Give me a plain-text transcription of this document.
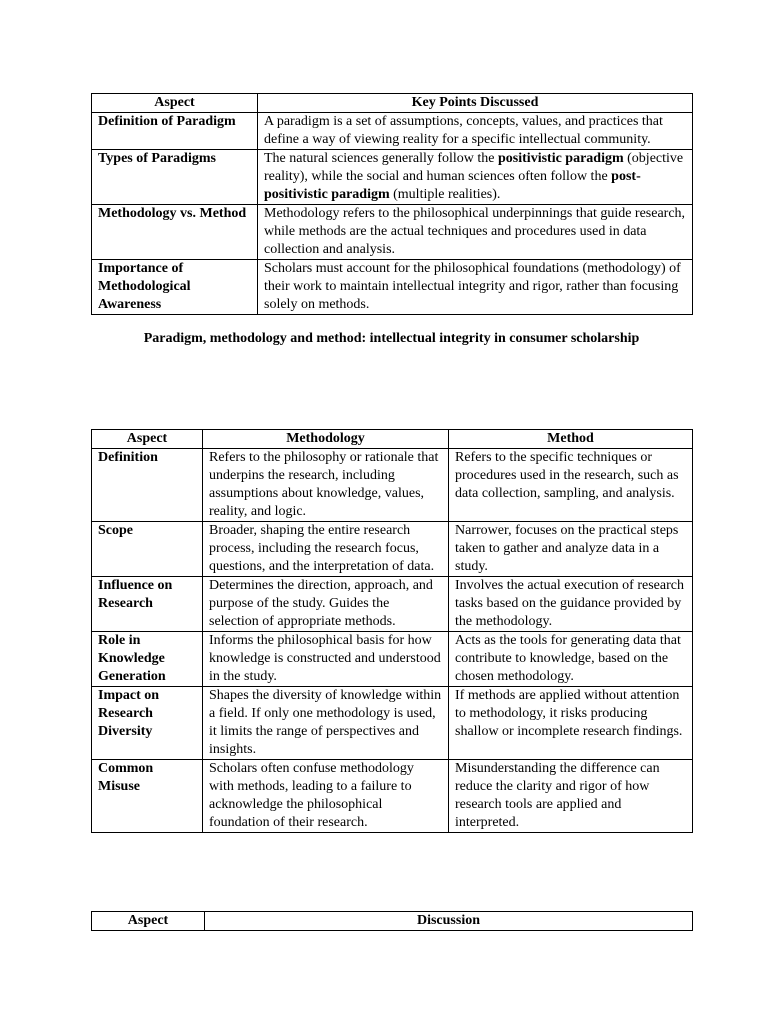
Aspect	Key Points Discussed
Definition of Paradigm	A paradigm is a set of assumptions, concepts, values, and practices that define a way of viewing reality for a specific intellectual community.
Types of Paradigms	The natural sciences generally follow the positivistic paradigm (objective reality), while the social and human sciences often follow the post-positivistic paradigm (multiple realities).
Methodology vs. Method	Methodology refers to the philosophical underpinnings that guide research, while methods are the actual techniques and procedures used in data collection and analysis.
Importance of Methodological Awareness	Scholars must account for the philosophical foundations (methodology) of their work to maintain intellectual integrity and rigor, rather than focusing solely on methods.
Paradigm, methodology and method: intellectual integrity in consumer scholarship
Aspect	Methodology	Method
Definition	Refers to the philosophy or rationale that underpins the research, including assumptions about knowledge, values, reality, and logic.	Refers to the specific techniques or procedures used in the research, such as data collection, sampling, and analysis.
Scope	Broader, shaping the entire research process, including the research focus, questions, and the interpretation of data.	Narrower, focuses on the practical steps taken to gather and analyze data in a study.
Influence on Research	Determines the direction, approach, and purpose of the study. Guides the selection of appropriate methods.	Involves the actual execution of research tasks based on the guidance provided by the methodology.
Role in Knowledge Generation	Informs the philosophical basis for how knowledge is constructed and understood in the study.	Acts as the tools for generating data that contribute to knowledge, based on the chosen methodology.
Impact on Research Diversity	Shapes the diversity of knowledge within a field. If only one methodology is used, it limits the range of perspectives and insights.	If methods are applied without attention to methodology, it risks producing shallow or incomplete research findings.
Common Misuse	Scholars often confuse methodology with methods, leading to a failure to acknowledge the philosophical foundation of their research.	Misunderstanding the difference can reduce the clarity and rigor of how research tools are applied and interpreted.
Aspect	Discussion
